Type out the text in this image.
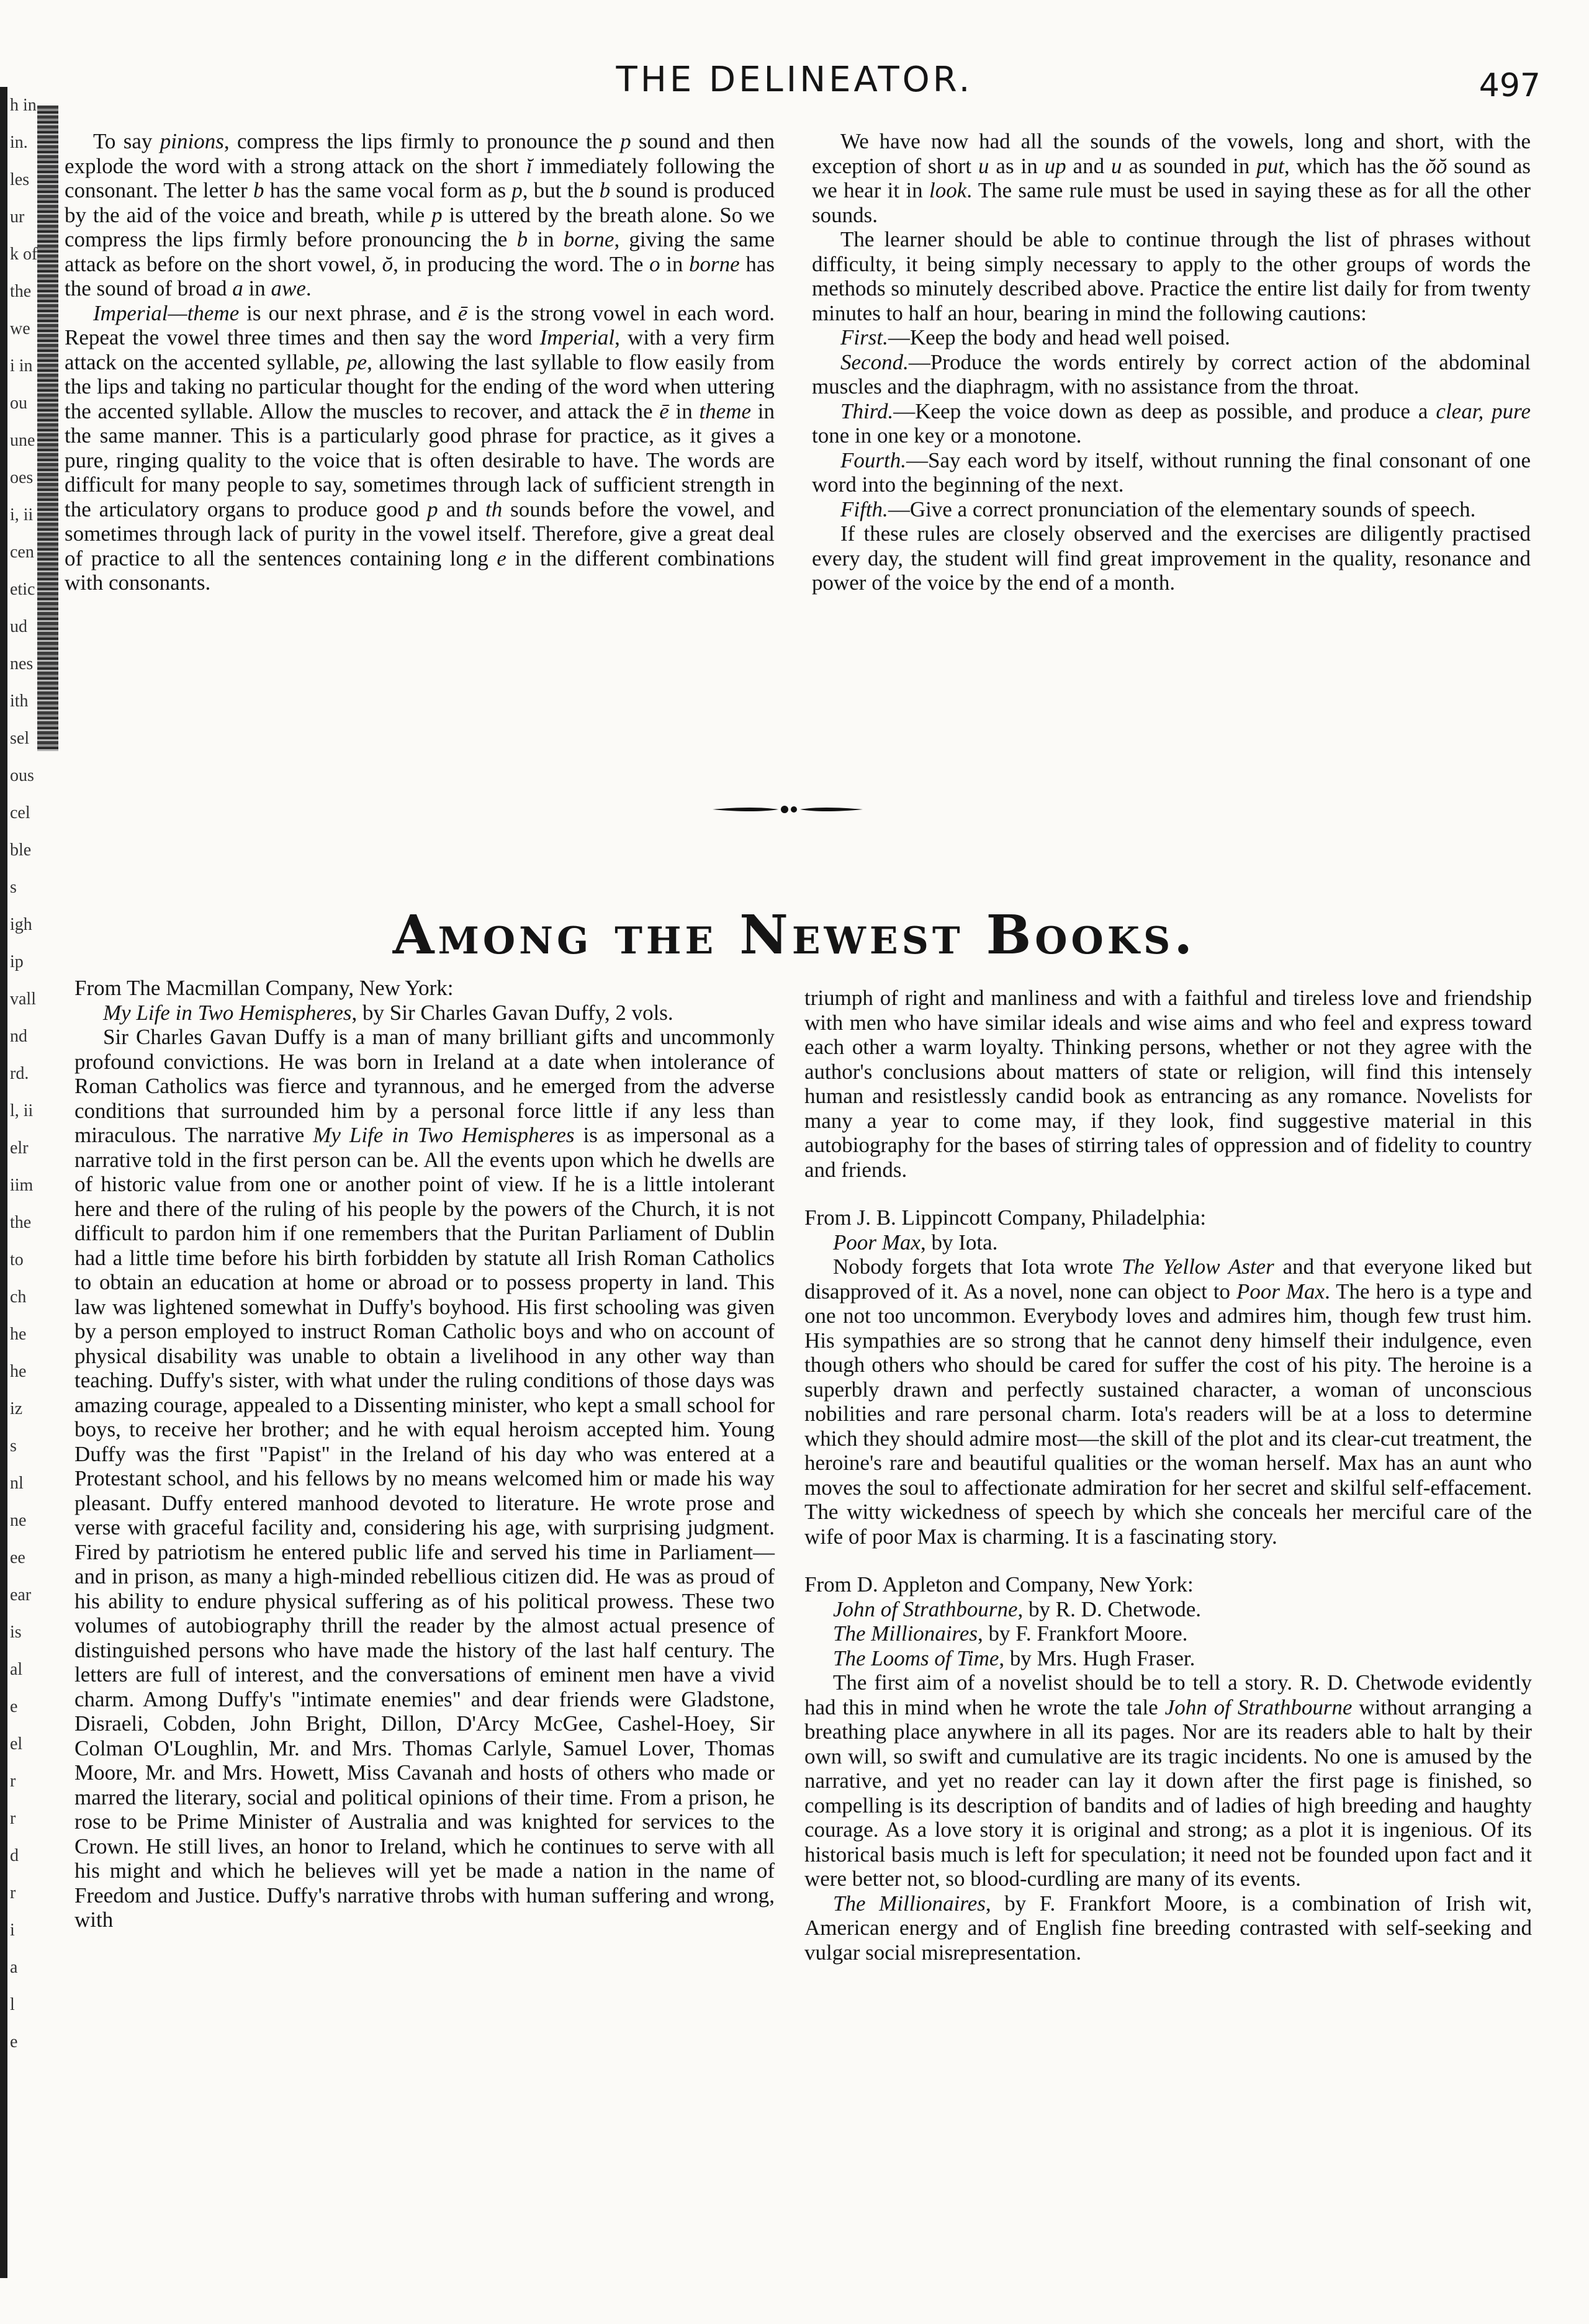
h in
in.
les
ur
k of
the
we
i in
ou
une
oes
i, ii
cen
etic
ud
nes
ith
sel
ous
cel
ble
s
igh
ip
vall
nd
rd.
l, ii
elr
iim
the
to
ch
he
he
iz
s
nl
ne
ee
ear
is
al
e
el
r
r
d
r
i
a
l
e
THE DELINEATOR.	497

To say pinions, compress the lips firmly to pronounce the p sound and then explode the word with a strong attack on the short ĭ immediately following the consonant. The letter b has the same vocal form as p, but the b sound is produced by the aid of the voice and breath, while p is uttered by the breath alone. So we compress the lips firmly before pronouncing the b in borne, giving the same attack as before on the short vowel, ŏ, in producing the word. The o in borne has the sound of broad a in awe.

Imperial—theme is our next phrase, and ē is the strong vowel in each word. Repeat the vowel three times and then say the word Imperial, with a very firm attack on the accented syllable, pe, allowing the last syllable to flow easily from the lips and taking no particular thought for the ending of the word when uttering the accented syllable. Allow the muscles to recover, and attack the ē in theme in the same manner. This is a particularly good phrase for practice, as it gives a pure, ringing quality to the voice that is often desirable to have. The words are difficult for many people to say, sometimes through lack of sufficient strength in the articulatory organs to produce good p and th sounds before the vowel, and sometimes through lack of purity in the vowel itself. Therefore, give a great deal of practice to all the sentences containing long e in the different combinations with consonants.

We have now had all the sounds of the vowels, long and short, with the exception of short u as in up and u as sounded in put, which has the ŏŏ sound as we hear it in look. The same rule must be used in saying these as for all the other sounds.

The learner should be able to continue through the list of phrases without difficulty, it being simply necessary to apply to the other groups of words the methods so minutely described above. Practice the entire list daily for from twenty minutes to half an hour, bearing in mind the following cautions:

First.—Keep the body and head well poised.

Second.—Produce the words entirely by correct action of the abdominal muscles and the diaphragm, with no assistance from the throat.

Third.—Keep the voice down as deep as possible, and produce a clear, pure tone in one key or a monotone.

Fourth.—Say each word by itself, without running the final consonant of one word into the beginning of the next.

Fifth.—Give a correct pronunciation of the elementary sounds of speech.

If these rules are closely observed and the exercises are diligently practised every day, the student will find great improvement in the quality, resonance and power of the voice by the end of a month.

Among the Newest Books.

From The Macmillan Company, New York:

My Life in Two Hemispheres, by Sir Charles Gavan Duffy, 2 vols.

Sir Charles Gavan Duffy is a man of many brilliant gifts and uncommonly profound convictions. He was born in Ireland at a date when intolerance of Roman Catholics was fierce and tyrannous, and he emerged from the adverse conditions that surrounded him by a personal force little if any less than miraculous. The narrative My Life in Two Hemispheres is as impersonal as a narrative told in the first person can be. All the events upon which he dwells are of historic value from one or another point of view. If he is a little intolerant here and there of the ruling of his people by the powers of the Church, it is not difficult to pardon him if one remembers that the Puritan Parliament of Dublin had a little time before his birth forbidden by statute all Irish Roman Catholics to obtain an education at home or abroad or to possess property in land. This law was lightened somewhat in Duffy's boyhood. His first schooling was given by a person employed to instruct Roman Catholic boys and who on account of physical disability was unable to obtain a livelihood in any other way than teaching. Duffy's sister, with what under the ruling conditions of those days was amazing courage, appealed to a Dissenting minister, who kept a small school for boys, to receive her brother; and he with equal heroism accepted him. Young Duffy was the first "Papist" in the Ireland of his day who was entered at a Protestant school, and his fellows by no means welcomed him or made his way pleasant. Duffy entered manhood devoted to literature. He wrote prose and verse with graceful facility and, considering his age, with surprising judgment. Fired by patriotism he entered public life and served his time in Parliament—and in prison, as many a high-minded rebellious citizen did. He was as proud of his ability to endure physical suffering as of his political prowess. These two volumes of autobiography thrill the reader by the almost actual presence of distinguished persons who have made the history of the last half century. The letters are full of interest, and the conversations of eminent men have a vivid charm. Among Duffy's "intimate enemies" and dear friends were Gladstone, Disraeli, Cobden, John Bright, Dillon, D'Arcy McGee, Cashel-Hoey, Sir Colman O'Loughlin, Mr. and Mrs. Thomas Carlyle, Samuel Lover, Thomas Moore, Mr. and Mrs. Howett, Miss Cavanah and hosts of others who made or marred the literary, social and political opinions of their time. From a prison, he rose to be Prime Minister of Australia and was knighted for services to the Crown. He still lives, an honor to Ireland, which he continues to serve with all his might and which he believes will yet be made a nation in the name of Freedom and Justice. Duffy's narrative throbs with human suffering and wrong, with

triumph of right and manliness and with a faithful and tireless love and friendship with men who have similar ideals and wise aims and who feel and express toward each other a warm loyalty. Thinking persons, whether or not they agree with the author's conclusions about matters of state or religion, will find this intensely human and resistlessly candid book as entrancing as any romance. Novelists for many a year to come may, if they look, find suggestive material in this autobiography for the bases of stirring tales of oppression and of fidelity to country and friends.

From J. B. Lippincott Company, Philadelphia:

Poor Max, by Iota.

Nobody forgets that Iota wrote The Yellow Aster and that everyone liked but disapproved of it. As a novel, none can object to Poor Max. The hero is a type and one not too uncommon. Everybody loves and admires him, though few trust him. His sympathies are so strong that he cannot deny himself their indulgence, even though others who should be cared for suffer the cost of his pity. The heroine is a superbly drawn and perfectly sustained character, a woman of unconscious nobilities and rare personal charm. Iota's readers will be at a loss to determine which they should admire most—the skill of the plot and its clear-cut treatment, the heroine's rare and beautiful qualities or the woman herself. Max has an aunt who moves the soul to affectionate admiration for her secret and skilful self-effacement. The witty wickedness of speech by which she conceals her merciful care of the wife of poor Max is charming. It is a fascinating story.

From D. Appleton and Company, New York:

John of Strathbourne, by R. D. Chetwode.

The Millionaires, by F. Frankfort Moore.

The Looms of Time, by Mrs. Hugh Fraser.

The first aim of a novelist should be to tell a story. R. D. Chetwode evidently had this in mind when he wrote the tale John of Strathbourne without arranging a breathing place anywhere in all its pages. Nor are its readers able to halt by their own will, so swift and cumulative are its tragic incidents. No one is amused by the narrative, and yet no reader can lay it down after the first page is finished, so compelling is its description of bandits and of ladies of high breeding and haughty courage. As a love story it is original and strong; as a plot it is ingenious. Of its historical basis much is left for speculation; it need not be founded upon fact and it were better not, so blood-curdling are many of its events.

The Millionaires, by F. Frankfort Moore, is a combination of Irish wit, American energy and of English fine breeding contrasted with self-seeking and vulgar social misrepresentation.
